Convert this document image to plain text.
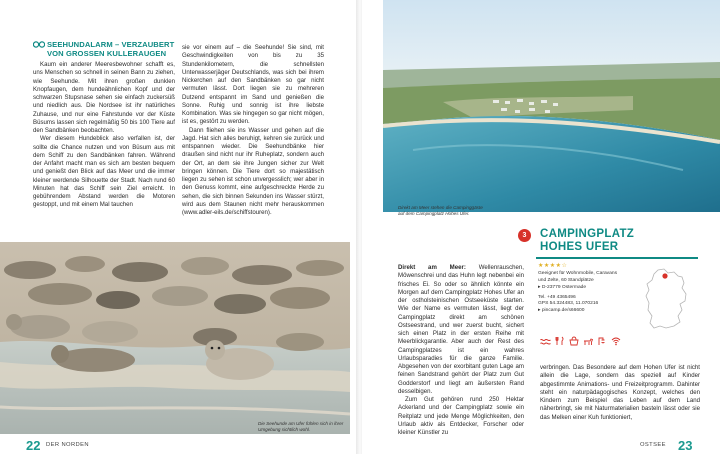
SEEHUNDALARM – VERZAUBERT
VON GROSSEN KULLERAUGEN

Kaum ein anderer Meeresbewohner schafft es, uns Menschen so schnell in seinen Bann zu ziehen, wie Seehunde. Mit ihren großen dunklen Knopfaugen, dem hundeähnlichen Kopf und der schwarzen Stupsnase sehen sie einfach zuckersüß und niedlich aus. Die Nordsee ist ihr natürliches Zuhause, und nur eine Fahrstunde vor der Küste Büsums lassen sich regelmäßig 50 bis 100 Tiere auf den Sandbänken beobachten.

Wer diesem Hundeblick also verfallen ist, der sollte die Chance nutzen und von Büsum aus mit dem Schiff zu den Sandbänken fahren. Während der Anfahrt macht man es sich am besten bequem und genießt den Blick auf das Meer und die immer kleiner werdende Silhouette der Stadt. Nach rund 60 Minuten hat das Schiff sein Ziel erreicht. In gebührendem Abstand werden die Motoren gestoppt, und mit einem Mal tauchen

sie vor einem auf – die Seehunde! Sie sind, mit Geschwindigkeiten von bis zu 35 Stundenkilometern, die schnellsten Unterwasserjäger Deutschlands, was sich bei ihrem Nickerchen auf den Sandbänken so gar nicht vermuten lässt. Dort liegen sie zu mehreren Dutzend entspannt im Sand und genießen die Sonne. Ruhig und sonnig ist ihre liebste Kombination. Was sie hingegen so gar nicht mögen, ist es, gestört zu werden.

Dann fliehen sie ins Wasser und gehen auf die Jagd. Hat sich alles beruhigt, kehren sie zurück und entspannen wieder. Die Seehundbänke hier draußen sind nicht nur ihr Ruheplatz, sondern auch der Ort, an dem sie ihre Jungen sicher zur Welt bringen können. Die Tiere dort so majestätisch liegen zu sehen ist schon unvergesslich; wer aber in den Genuss kommt, eine aufgeschreckte Herde zu sehen, die sich binnen Sekunden ins Wasser stürzt, wird aus dem Staunen nicht mehr herauskommen (www.adler-eils.de/schiffstouren).

Die Seehunde am Ufer fühlen sich in ihrer
Umgebung sichtlich wohl.
22 DER NORDEN
Direkt am Meer stehen die Campinggäste
auf dem Campingplatz Hohes Ufer.
3	CAMPINGPLATZ
HOHES UFER
★★★★☆
Geeignet für Wohnmobile, Caravans
und Zelte, 60 Standplätze
▸ D-23779 Ostermade
Tel. +49 4365496
GPS 54.324483, 11.070216
▸ pincamp.de/s66600

Direkt am Meer: Wellenrauschen, Möwenschrei und das Huhn legt nebenbei ein frisches Ei. So oder so ähnlich könnte ein Morgen auf dem Campingplatz Hohes Ufer an der ostholsteinischen Ostseeküste starten. Wie der Name es vermuten lässt, liegt der Campingplatz direkt am schönen Ostseestrand, und wer zuerst bucht, sichert sich einen Platz in der ersten Reihe mit Meerblickgarantie. Aber auch der Rest des Campingplatzes ist ein wahres Urlaubsparadies für die ganze Familie. Abgesehen von der exorbitant guten Lage am feinen Sandstrand gehört der Platz zum Gut Godderstorf und liegt am äußersten Rand desselbigen.

Zum Gut gehören rund 250 Hektar Ackerland und der Campingplatz sowie ein Reitplatz und jede Menge Möglichkeiten, den Urlaub aktiv als Entdecker, Forscher oder kleiner Künstler zu

verbringen. Das Besondere auf dem Hohen Ufer ist nicht allein die Lage, sondern das speziell auf Kinder abgestimmte Animations- und Freizeitprogramm. Dahinter steht ein naturpädagogisches Konzept, welches den Kindern zum Beispiel das Leben auf dem Land näherbringt, sie mit Naturmaterialien basteln lässt oder sie das Melken einer Kuh funktioniert,

OSTSEE 23
